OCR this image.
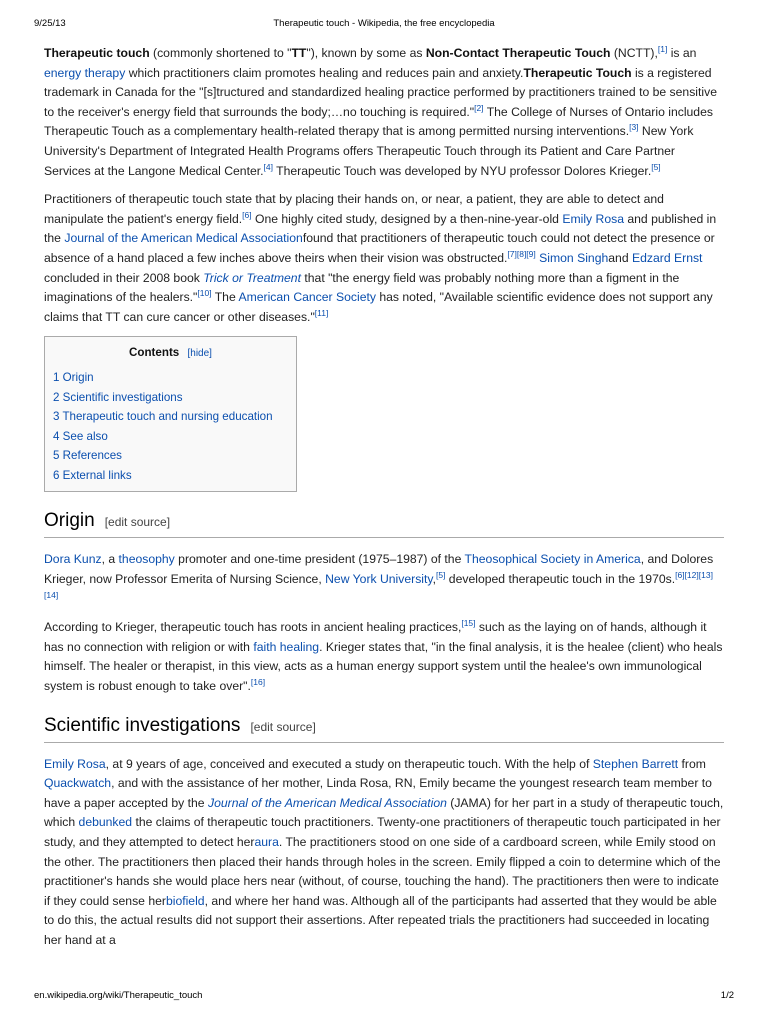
9/25/13	Therapeutic touch - Wikipedia, the free encyclopedia

Therapeutic touch (commonly shortened to "TT"), known by some as Non-Contact Therapeutic Touch (NCTT),[1] is an energy therapy which practitioners claim promotes healing and reduces pain and anxiety.Therapeutic Touch is a registered trademark in Canada for the "[s]tructured and standardized healing practice performed by practitioners trained to be sensitive to the receiver's energy field that surrounds the body;…no touching is required."[2] The College of Nurses of Ontario includes Therapeutic Touch as a complementary health-related therapy that is among permitted nursing interventions.[3] New York University's Department of Integrated Health Programs offers Therapeutic Touch through its Patient and Care Partner Services at the Langone Medical Center.[4] Therapeutic Touch was developed by NYU professor Dolores Krieger.[5]

Practitioners of therapeutic touch state that by placing their hands on, or near, a patient, they are able to detect and manipulate the patient's energy field.[6] One highly cited study, designed by a then-nine-year-old Emily Rosa and published in the Journal of the American Medical Associationfound that practitioners of therapeutic touch could not detect the presence or absence of a hand placed a few inches above theirs when their vision was obstructed.[7][8][9] Simon Singhand Edzard Ernst concluded in their 2008 book Trick or Treatment that "the energy field was probably nothing more than a figment in the imaginations of the healers."[10] The American Cancer Society has noted, "Available scientific evidence does not support any claims that TT can cure cancer or other diseases."[11]

Contents [hide]
1 Origin
2 Scientific investigations
3 Therapeutic touch and nursing education
4 See also
5 References
6 External links
Origin [edit source]

Dora Kunz, a theosophy promoter and one-time president (1975–1987) of the Theosophical Society in America, and Dolores Krieger, now Professor Emerita of Nursing Science, New York University,[5] developed therapeutic touch in the 1970s.[6][12][13][14]

According to Krieger, therapeutic touch has roots in ancient healing practices,[15] such as the laying on of hands, although it has no connection with religion or with faith healing. Krieger states that, "in the final analysis, it is the healee (client) who heals himself. The healer or therapist, in this view, acts as a human energy support system until the healee's own immunological system is robust enough to take over".[16]

Scientific investigations [edit source]

Emily Rosa, at 9 years of age, conceived and executed a study on therapeutic touch. With the help of Stephen Barrett from Quackwatch, and with the assistance of her mother, Linda Rosa, RN, Emily became the youngest research team member to have a paper accepted by the Journal of the American Medical Association (JAMA) for her part in a study of therapeutic touch, which debunked the claims of therapeutic touch practitioners. Twenty-one practitioners of therapeutic touch participated in her study, and they attempted to detect heraura. The practitioners stood on one side of a cardboard screen, while Emily stood on the other. The practitioners then placed their hands through holes in the screen. Emily flipped a coin to determine which of the practitioner's hands she would place hers near (without, of course, touching the hand). The practitioners then were to indicate if they could sense herbiofield, and where her hand was. Although all of the participants had asserted that they would be able to do this, the actual results did not support their assertions. After repeated trials the practitioners had succeeded in locating her hand at a

en.wikipedia.org/wiki/Therapeutic_touch	1/2
